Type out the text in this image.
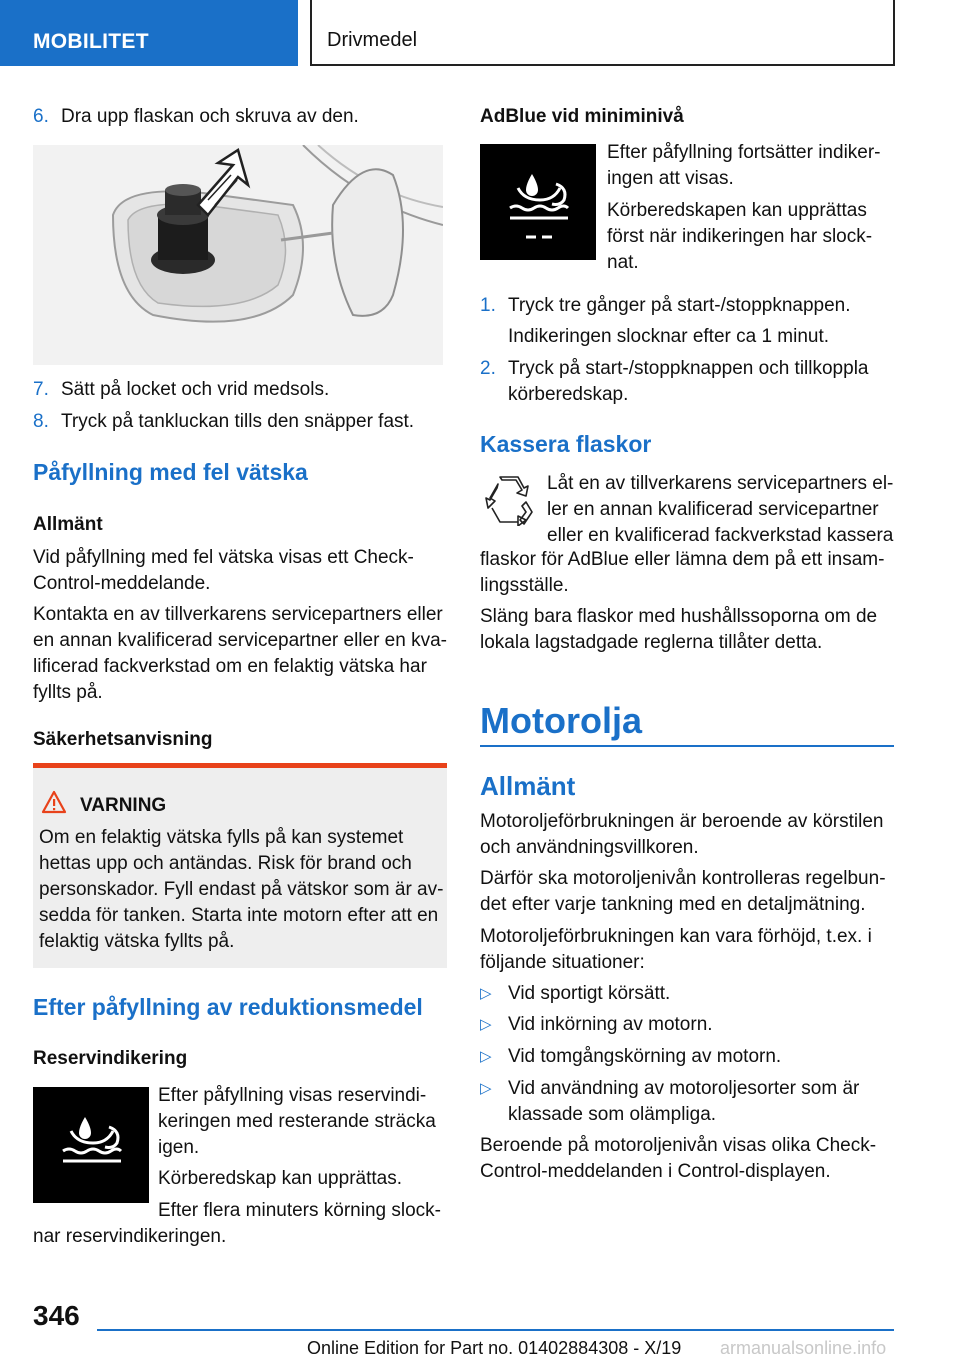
MOBILITET	Drivmedel
6. Dra upp flaskan och skruva av den.
7. Sätt på locket och vrid medsols.
8. Tryck på tankluckan tills den snäpper fast.
Påfyllning med fel vätska
Allmänt
Vid påfyllning med fel vätska visas ett Check-
Control-meddelande.
Kontakta en av tillverkarens servicepartners eller
en annan kvalificerad servicepartner eller en kva-
lificerad fackverkstad om en felaktig vätska har
fyllts på.
Säkerhetsanvisning
VARNING
Om en felaktig vätska fylls på kan systemet
hettas upp och antändas. Risk för brand och
personskador. Fyll endast på vätskor som är av-
sedda för tanken. Starta inte motorn efter att en
felaktig vätska fyllts på.
Efter påfyllning av reduktionsmedel
Reservindikering
Efter påfyllning visas reservindi-
keringen med resterande sträcka
igen.
Körberedskap kan upprättas.
Efter flera minuters körning slock-
nar reservindikeringen.
AdBlue vid miniminivå
Efter påfyllning fortsätter indiker-
ingen att visas.
Körberedskapen kan upprättas
först när indikeringen har slock-
nat.
1. Tryck tre gånger på start-/stoppknappen.
Indikeringen slocknar efter ca 1 minut.
2. Tryck på start-/stoppknappen och tillkoppla
körberedskap.
Kassera flaskor
Låt en av tillverkarens servicepartners el-
ler en annan kvalificerad servicepartner
eller en kvalificerad fackverkstad kassera
flaskor för AdBlue eller lämna dem på ett insam-
lingsställe.
Släng bara flaskor med hushållssoporna om de
lokala lagstadgade reglerna tillåter detta.
Motorolja
Allmänt
Motoroljeförbrukningen är beroende av körstilen
och användningsvillkoren.
Därför ska motoroljenivån kontrolleras regelbun-
det efter varje tankning med en detaljmätning.
Motoroljeförbrukningen kan vara förhöjd, t.ex. i
följande situationer:
▷ Vid sportigt körsätt.
▷ Vid inkörning av motorn.
▷ Vid tomgångskörning av motorn.
▷ Vid användning av motoroljesorter som är
klassade som olämpliga.
Beroende på motoroljenivån visas olika Check-
Control-meddelanden i Control-displayen.
346
Online Edition for Part no. 01402884308 - X/19 armanualsonline.info
